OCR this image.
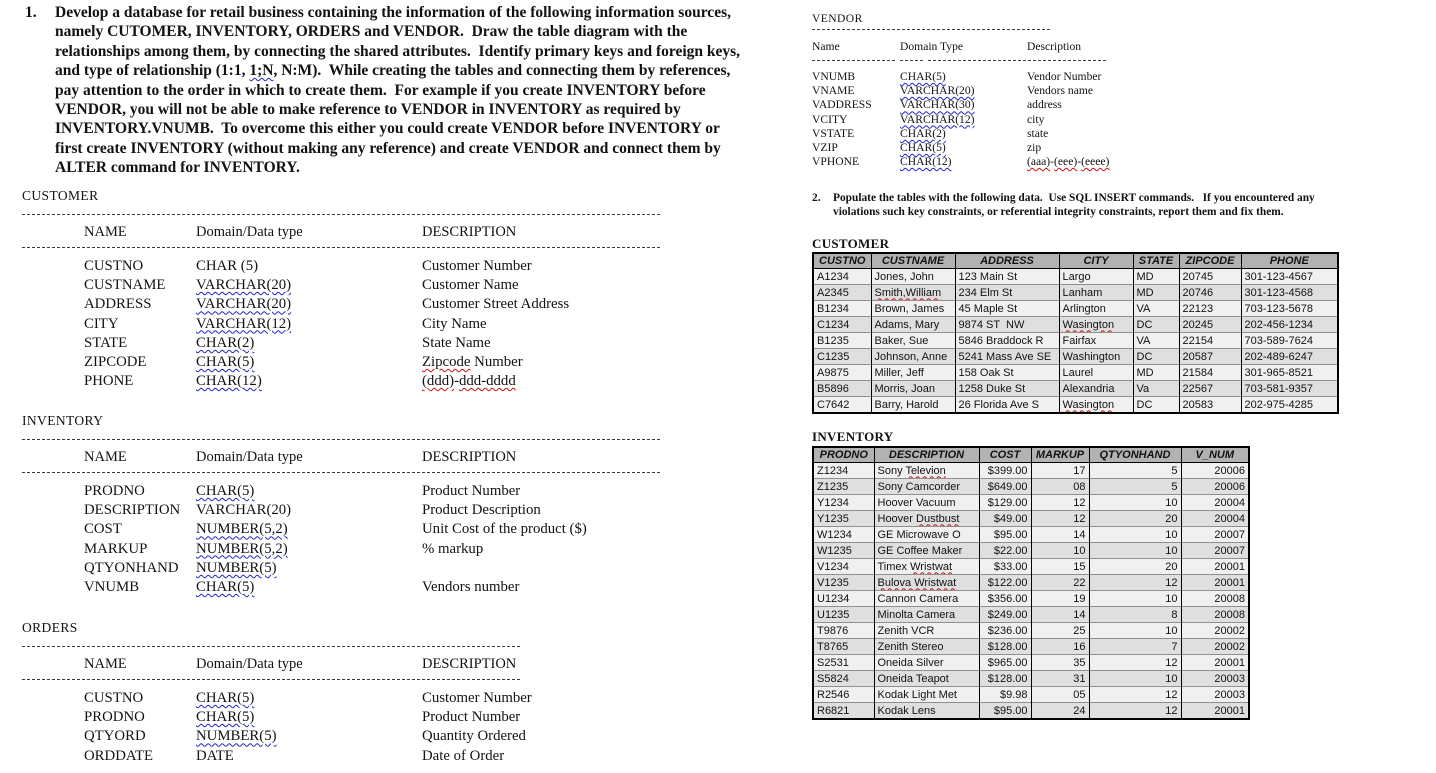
1. Develop a database for retail business containing the information of the following information sources, namely CUTOMER, INVENTORY, ORDERS and VENDOR.  Draw the table diagram with the relationships among them, by connecting the shared attributes.  Identify primary keys and foreign keys, and type of relationship (1:1, 1;N, N:M).  While creating the tables and connecting them by references, pay attention to the order in which to create them.  For example if you create INVENTORY before VENDOR, you will not be able to make reference to VENDOR in INVENTORY as required by INVENTORY.VNUMB.  To overcome this either you could create VENDOR before INVENTORY or first create INVENTORY (without making any reference) and create VENDOR and connect them by ALTER command for INVENTORY.
CUSTOMER
NAME	Domain/Data type	DESCRIPTION
CUSTNO	CHAR (5)	Customer Number
CUSTNAME VARCHAR(20)	Customer Name
ADDRESS	VARCHAR(20)	Customer Street Address
CITY	VARCHAR(12)	City Name
STATE	CHAR(2)	State Name
ZIPCODE	CHAR(5)	Zipcode Number
PHONE	CHAR(12)	(ddd)-ddd-dddd
INVENTORY
NAME	Domain/Data type	DESCRIPTION
PRODNO	CHAR(5)	Product Number
DESCRIPTION VARCHAR(20)	Product Description
COST	NUMBER(5,2)	Unit Cost of the product ($)
MARKUP	NUMBER(5,2)	% markup
QTYONHAND NUMBER(5)
VNUMB	CHAR(5)	Vendors number
ORDERS
NAME	Domain/Data type	DESCRIPTION
CUSTNO	CHAR(5)	Customer Number
PRODNO	CHAR(5)	Product Number
QTYORD	NUMBER(5)	Quantity Ordered
ORDDATE	DATE	Date of Order
VENDOR
Name	Domain Type	Description
VNUMB	CHAR(5)	Vendor Number
VNAME	VARCHAR(20)	Vendors name
VADDRESS VARCHAR(30)	address
VCITY	VARCHAR(12)	city
VSTATE	CHAR(2)	state
VZIP	CHAR(5)	zip
VPHONE	CHAR(12)	(aaa)-(eee)-(eeee)
2. Populate the tables with the following data.  Use SQL INSERT commands.   If you encountered any violations such key constraints, or referential integrity constraints, report them and fix them.
CUSTOMER
CUSTNO	CUSTNAME	ADDRESS	CITY	STATE	ZIPCODE	PHONE
A1234	Jones, John	123 Main St	Largo	MD	20745	301-123-4567
A2345	Smith,William	234 Elm St	Lanham	MD	20746	301-123-4568
B1234	Brown, James	45 Maple St	Arlington	VA	22123	703-123-5678
C1234	Adams, Mary	9874 ST  NW	Wasington	DC	20245	202-456-1234
B1235	Baker, Sue	5846 Braddock R	Fairfax	VA	22154	703-589-7624
C1235	Johnson, Anne	5241 Mass Ave SE	Washington	DC	20587	202-489-6247
A9875	Miller, Jeff	158 Oak St	Laurel	MD	21584	301-965-8521
B5896	Morris, Joan	1258 Duke St	Alexandria	Va	22567	703-581-9357
C7642	Barry, Harold	26 Florida Ave S	Wasington	DC	20583	202-975-4285
INVENTORY
PRODNO	DESCRIPTION	COST	MARKUP	QTYONHAND	V_NUM
Z1234	Sony Televion	$399.00	17	5	20006
Z1235	Sony Camcorder	$649.00	08	5	20006
Y1234	Hoover Vacuum	$129.00	12	10	20004
Y1235	Hoover Dustbust	$49.00	12	20	20004
W1234	GE Microwave O	$95.00	14	10	20007
W1235	GE Coffee Maker	$22.00	10	10	20007
V1234	Timex Wristwat	$33.00	15	20	20001
V1235	Bulova Wristwat	$122.00	22	12	20001
U1234	Cannon Camera	$356.00	19	10	20008
U1235	Minolta Camera	$249.00	14	8	20008
T9876	Zenith VCR	$236.00	25	10	20002
T8765	Zenith Stereo	$128.00	16	7	20002
S2531	Oneida Silver	$965.00	35	12	20001
S5824	Oneida Teapot	$128.00	31	10	20003
R2546	Kodak Light Met	$9.98	05	12	20003
R6821	Kodak Lens	$95.00	24	12	20001
